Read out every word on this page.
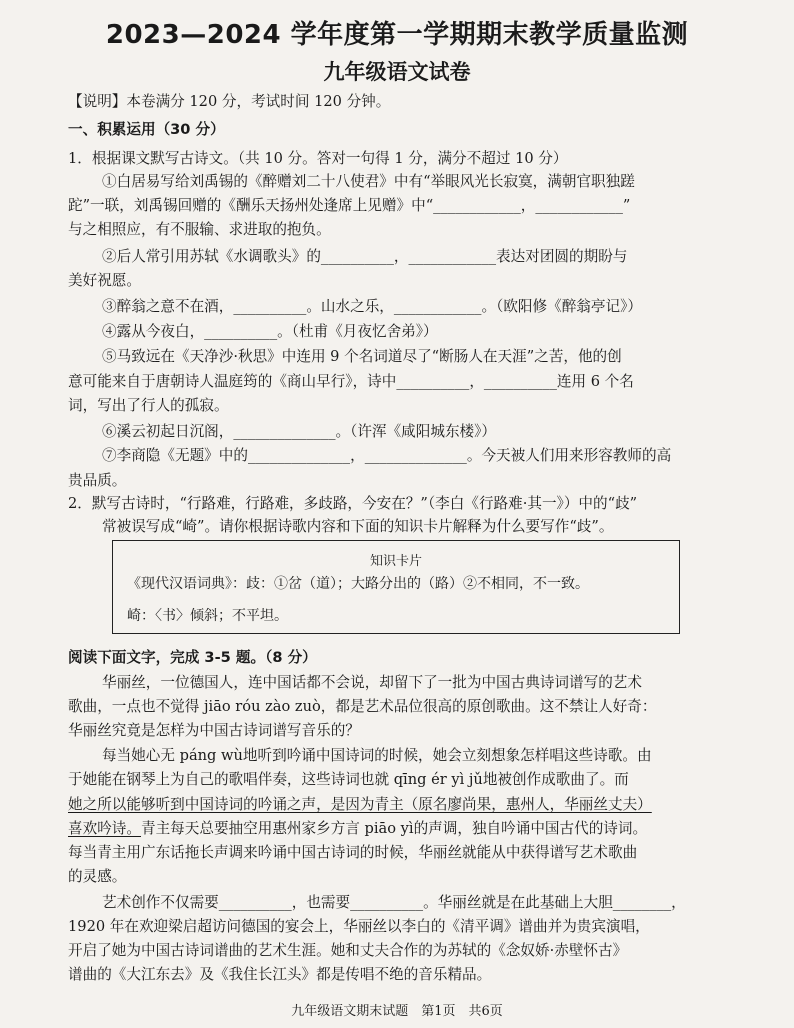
2023—2024 学年度第一学期期末教学质量监测
九年级语文试卷
【说明】本卷满分 120 分，考试时间 120 分钟。
一、积累运用（30 分）
1．根据课文默写古诗文。（共 10 分。答对一句得 1 分，满分不超过 10 分）
①白居易写给刘禹锡的《醉赠刘二十八使君》中有“举眼风光长寂寞，满朝官职独蹉
跎”一联，刘禹锡回赠的《酬乐天扬州处逢席上见赠》中“____________，____________”
与之相照应，有不服输、求进取的抱负。
②后人常引用苏轼《水调歌头》的__________，____________表达对团圆的期盼与
美好祝愿。
③醉翁之意不在酒，__________。山水之乐，____________。（欧阳修《醉翁亭记》）
④露从今夜白，__________。（杜甫《月夜忆舍弟》）
⑤马致远在《天净沙·秋思》中连用 9 个名词道尽了“断肠人在天涯”之苦，他的创
意可能来自于唐朝诗人温庭筠的《商山早行》，诗中__________，__________连用 6 个名
词，写出了行人的孤寂。
⑥溪云初起日沉阁，______________。（许浑《咸阳城东楼》）
⑦李商隐《无题》中的______________，______________。今天被人们用来形容教师的高
贵品质。
2．默写古诗时，“行路难，行路难，多歧路，今安在？”（李白《行路难·其一》）中的“歧”
常被误写成“崎”。请你根据诗歌内容和下面的知识卡片解释为什么要写作“歧”。
知识卡片
《现代汉语词典》：歧：①岔（道）；大路分出的（路）②不相同，不一致。
崎：〈书〉倾斜；不平坦。
阅读下面文字，完成 3-5 题。（8 分）
华丽丝，一位德国人，连中国话都不会说，却留下了一批为中国古典诗词谱写的艺术
歌曲，一点也不觉得 jiāo róu zào zuò，都是艺术品位很高的原创歌曲。这不禁让人好奇：
华丽丝究竟是怎样为中国古诗词谱写音乐的？
每当她心无 páng wù地听到吟诵中国诗词的时候，她会立刻想象怎样唱这些诗歌。由
于她能在钢琴上为自己的歌唱伴奏，这些诗词也就 qīng ér yì jǔ地被创作成歌曲了。而
她之所以能够听到中国诗词的吟诵之声，是因为青主（原名廖尚果，惠州人，华丽丝丈夫）
喜欢吟诗。青主每天总要抽空用惠州家乡方言 piāo yì的声调，独自吟诵中国古代的诗词。
每当青主用广东话拖长声调来吟诵中国古诗词的时候，华丽丝就能从中获得谱写艺术歌曲
的灵感。
艺术创作不仅需要__________，也需要__________。华丽丝就是在此基础上大胆________，
1920 年在欢迎梁启超访问德国的宴会上，华丽丝以李白的《清平调》谱曲并为贵宾演唱，
开启了她为中国古诗词谱曲的艺术生涯。她和丈夫合作的为苏轼的《念奴娇·赤壁怀古》
谱曲的《大江东去》及《我住长江头》都是传唱不绝的音乐精品。
九年级语文期末试题　第1页　共6页
